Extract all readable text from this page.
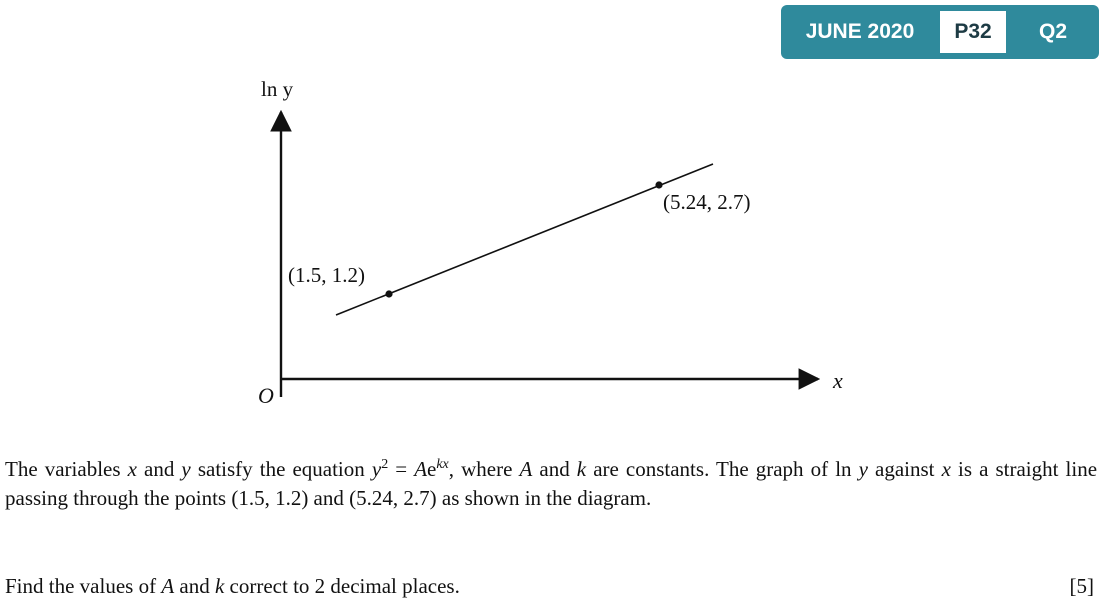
JUNE 2020	P32	Q2
ln y
x
O
(1.5, 1.2)
(5.24, 2.7)
The variables x and y satisfy the equation $y^2 = Ae^{kx}$, where A and k are constants. The graph of ln y against x is a straight line passing through the points (1.5, 1.2) and (5.24, 2.7) as shown in the diagram.
Find the values of A and k correct to 2 decimal places.	[5]
